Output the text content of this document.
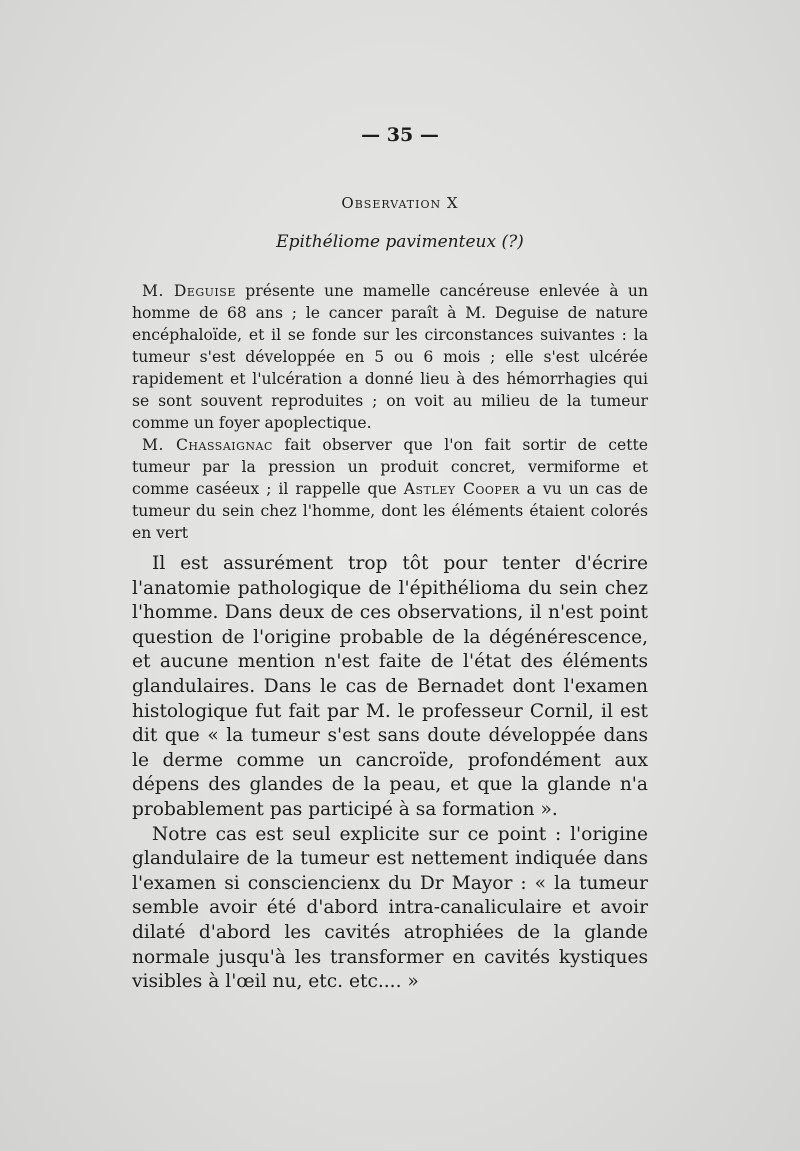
— 35 —
Observation X
Epithéliome pavimenteux (?)

M. Deguise présente une mamelle cancéreuse enlevée à un homme de 68 ans ; le cancer paraît à M. Deguise de nature encéphaloïde, et il se fonde sur les circonstances suivantes : la tumeur s'est développée en 5 ou 6 mois ; elle s'est ulcérée rapidement et l'ulcération a donné lieu à des hémorrhagies qui se sont souvent reproduites ; on voit au milieu de la tumeur comme un foyer apoplectique.

M. Chassaignac fait observer que l'on fait sortir de cette tumeur par la pression un produit concret, vermiforme et comme caséeux ; il rappelle que Astley Cooper a vu un cas de tumeur du sein chez l'homme, dont les éléments étaient colorés en vert

Il est assurément trop tôt pour tenter d'écrire l'anatomie pathologique de l'épithélioma du sein chez l'homme. Dans deux de ces observations, il n'est point question de l'origine probable de la dégénérescence, et aucune mention n'est faite de l'état des éléments glandulaires. Dans le cas de Bernadet dont l'examen histologique fut fait par M. le professeur Cornil, il est dit que « la tumeur s'est sans doute développée dans le derme comme un cancroïde, profondément aux dépens des glandes de la peau, et que la glande n'a probablement pas participé à sa formation ».

Notre cas est seul explicite sur ce point : l'origine glandulaire de la tumeur est nettement indiquée dans l'examen si consciencienx du Dr Mayor : « la tumeur semble avoir été d'abord intra-canaliculaire et avoir dilaté d'abord les cavités atrophiées de la glande normale jusqu'à les transformer en cavités kystiques visibles à l'œil nu, etc. etc.... »
